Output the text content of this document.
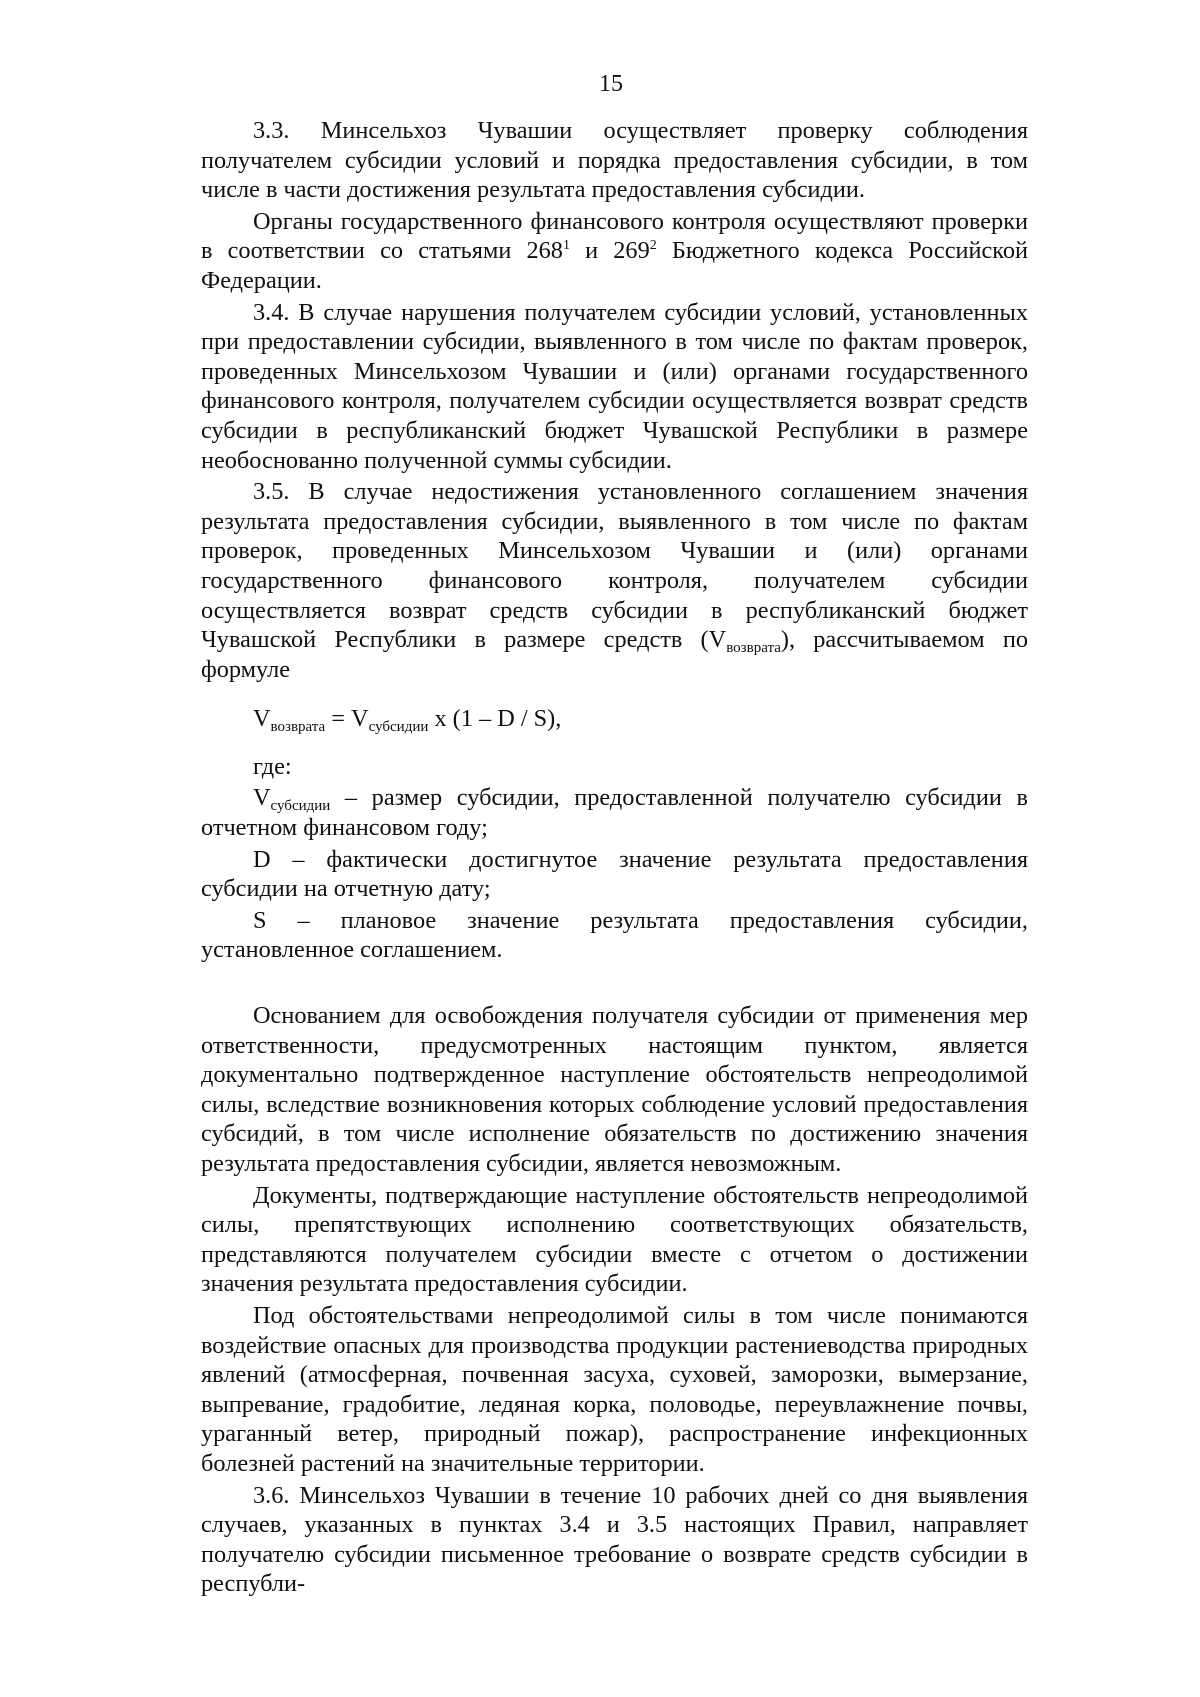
15

3.3. Минсельхоз Чувашии осуществляет проверку соблюдения получателем субсидии условий и порядка предоставления субсидии, в том числе в части достижения результата предоставления субсидии.

Органы государственного финансового контроля осуществляют проверки в соответствии со статьями $268^1$ и $269^2$ Бюджетного кодекса Российской Федерации.

3.4. В случае нарушения получателем субсидии условий, установленных при предоставлении субсидии, выявленного в том числе по фактам проверок, проведенных Минсельхозом Чувашии и (или) органами государственного финансового контроля, получателем субсидии осуществляется возврат средств субсидии в республиканский бюджет Чувашской Республики в размере необоснованно полученной суммы субсидии.

3.5. В случае недостижения установленного соглашением значения результата предоставления субсидии, выявленного в том числе по фактам проверок, проведенных Минсельхозом Чувашии и (или) органами государственного финансового контроля, получателем субсидии осуществляется возврат средств субсидии в республиканский бюджет Чувашской Республики в размере средств $(V_{возврата})$, рассчитываемом по формуле

$V_{возврата} = V_{субсидии}$ x (1 – D / S),

где:

$V_{субсидии}$ – размер субсидии, предоставленной получателю субсидии в отчетном финансовом году;

D – фактически достигнутое значение результата предоставления субсидии на отчетную дату;

S – плановое значение результата предоставления субсидии, установленное соглашением.

Основанием для освобождения получателя субсидии от применения мер ответственности, предусмотренных настоящим пунктом, является документально подтвержденное наступление обстоятельств непреодолимой силы, вследствие возникновения которых соблюдение условий предоставления субсидий, в том числе исполнение обязательств по достижению значения результата предоставления субсидии, является невозможным.

Документы, подтверждающие наступление обстоятельств непреодолимой силы, препятствующих исполнению соответствующих обязательств, представляются получателем субсидии вместе с отчетом о достижении значения результата предоставления субсидии.

Под обстоятельствами непреодолимой силы в том числе понимаются воздействие опасных для производства продукции растениеводства природных явлений (атмосферная, почвенная засуха, суховей, заморозки, вымерзание, выпревание, градобитие, ледяная корка, половодье, переувлажнение почвы, ураганный ветер, природный пожар), распространение инфекционных болезней растений на значительные территории.

3.6. Минсельхоз Чувашии в течение 10 рабочих дней со дня выявления случаев, указанных в пунктах 3.4 и 3.5 настоящих Правил, направляет получателю субсидии письменное требование о возврате средств субсидии в республи-
